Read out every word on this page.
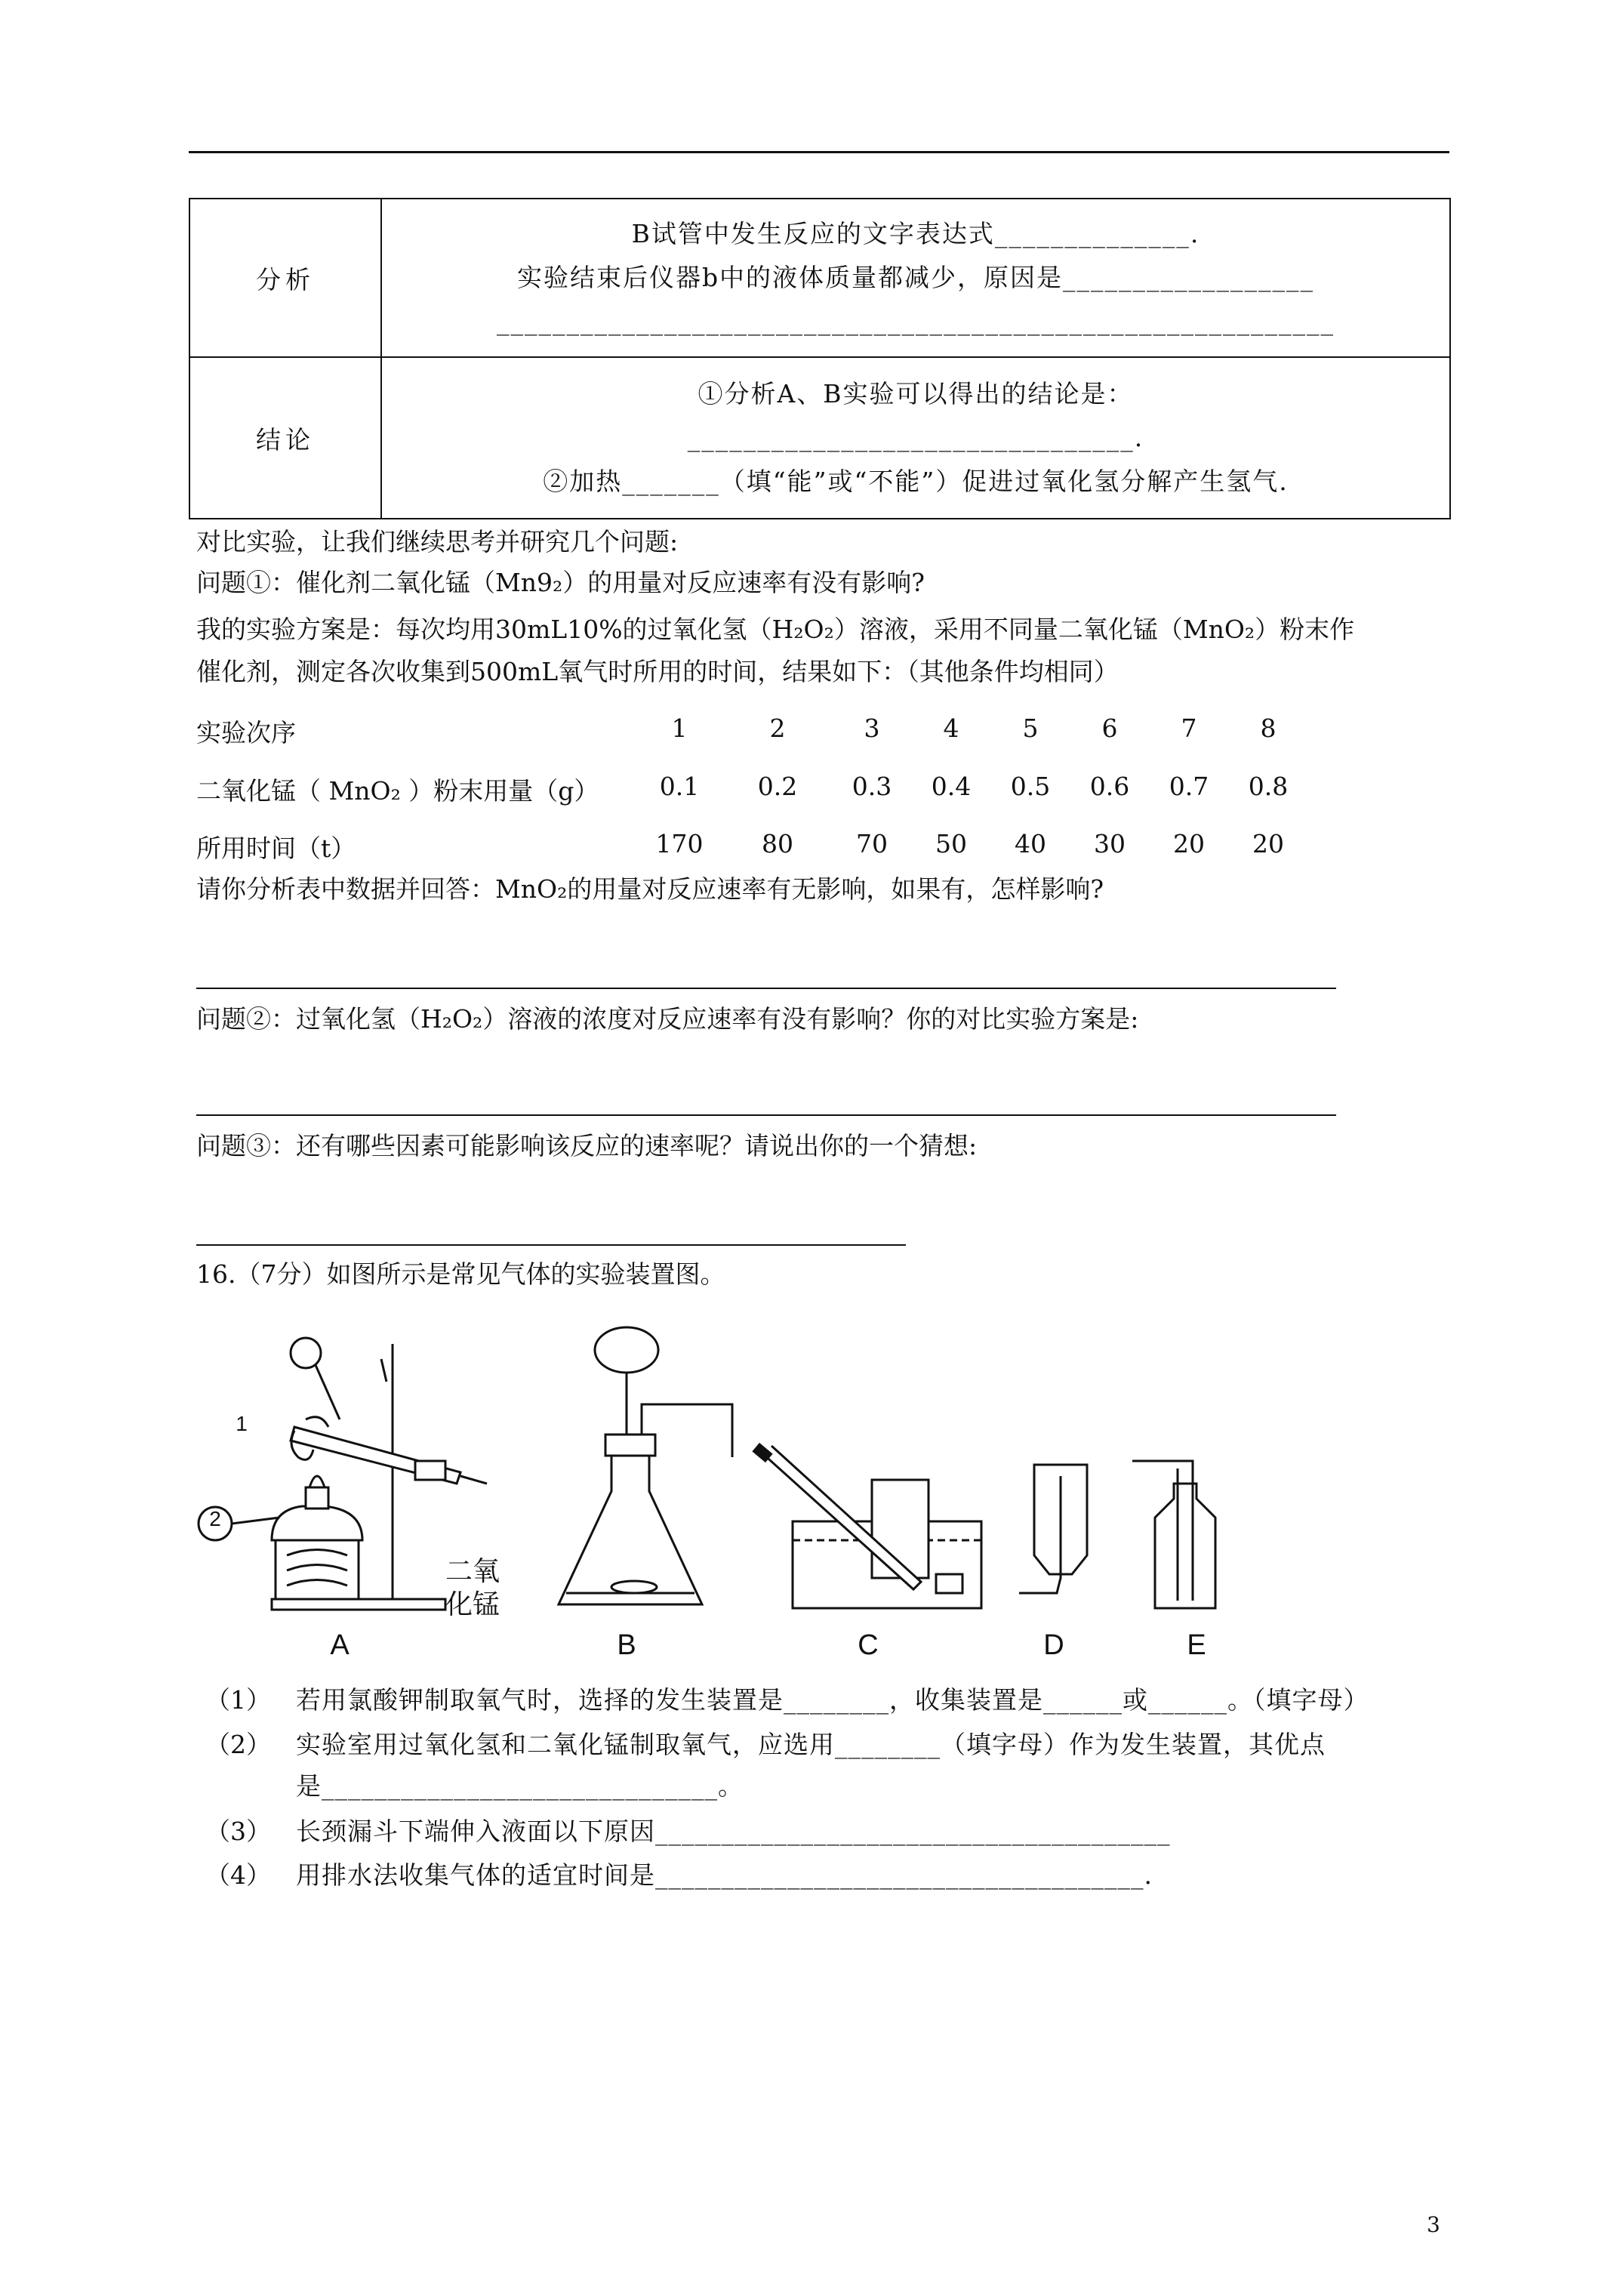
分析	B试管中发生反应的文字表达式______________.
实验结束后仪器b中的液体质量都减少，原因是__________________
____________________________________________________________

结论	①分析A、B实验可以得出的结论是：
________________________________.
②加热_______（填“能”或“不能”）促进过氧化氢分解产生氢气.
对比实验，让我们继续思考并研究几个问题:
问题①：催化剂二氧化锰（Mn9₂）的用量对反应速率有没有影响?
我的实验方案是：每次均用30mL10%的过氧化氢（H₂O₂）溶液，采用不同量二氧化锰（MnO₂）粉末作
催化剂，测定各次收集到500mL氧气时所用的时间，结果如下：（其他条件均相同）
实验次序	1	2	3	4	5	6	7	8
二氧化锰（ MnO₂ ）粉末用量（g）	0.1	0.2	0.3	0.4	0.5	0.6	0.7	0.8
所用时间（t）	170	80	70	50	40	30	20	20
请你分析表中数据并回答：MnO₂的用量对反应速率有无影响，如果有，怎样影响?
问题②：过氧化氢（H₂O₂）溶液的浓度对反应速率有没有影响？你的对比实验方案是:
问题③：还有哪些因素可能影响该反应的速率呢？请说出你的一个猜想:
16.（7分）如图所示是常见气体的实验装置图。
1
2
二氧
化锰
A	B	C	D	E
（1） 若用氯酸钾制取氧气时，选择的发生装置是________，收集装置是______或______。（填字母）
（2） 实验室用过氧化氢和二氧化锰制取氧气，应选用________（填字母）作为发生装置，其优点
是______________________________。
（3） 长颈漏斗下端伸入液面以下原因_______________________________________
（4） 用排水法收集气体的适宜时间是_____________________________________.
3
